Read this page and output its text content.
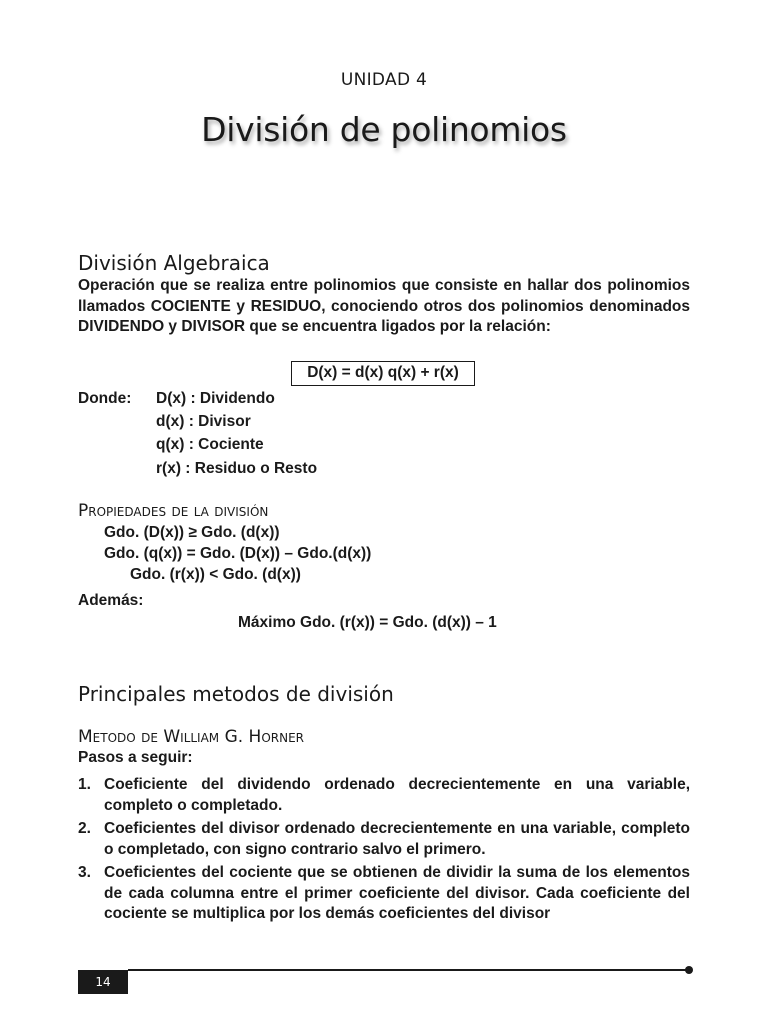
UNIDAD 4
División de polinomios
División Algebraica
Operación que se realiza entre polinomios que consiste en hallar dos polinomios llamados COCIENTE y RESIDUO, conociendo otros dos polinomios denominados DIVIDENDO y DIVISOR que se encuentra ligados por la relación:
D(x) = d(x) q(x) + r(x)
Donde: D(x) : Dividendo
d(x) : Divisor
q(x) : Cociente
r(x) : Residuo o Resto
Propiedades de la división
Gdo. (D(x)) ≥ Gdo. (d(x))
Gdo. (q(x)) = Gdo. (D(x)) – Gdo.(d(x))
Gdo. (r(x)) < Gdo. (d(x))
Además:
Máximo Gdo. (r(x)) = Gdo. (d(x)) – 1
Principales metodos de división
Metodo de William G. Horner
Pasos a seguir:
1. Coeficiente del dividendo ordenado decrecientemente en una variable, completo o completado.
2. Coeficientes del divisor ordenado decrecientemente en una variable, completo o completado, con signo contrario salvo el primero.
3. Coeficientes del cociente que se obtienen de dividir la suma de los elementos de cada columna entre el primer coeficiente del divisor. Cada coeficiente del cociente se multiplica por los demás coeficientes del divisor
14
